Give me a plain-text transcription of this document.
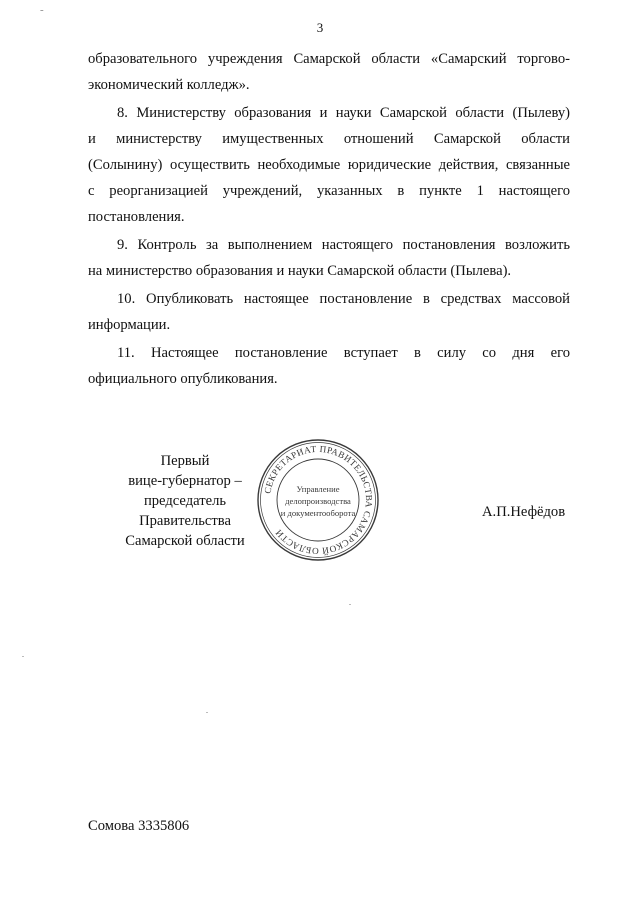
-
3

образовательного учреждения Самарской области «Самарский торгово-
экономический колледж».

8. Министерству образования и науки Самарской области (Пылеву)
и министерству имущественных отношений Самарской области
(Солынину) осуществить необходимые юридические действия, связанные
с реорганизацией учреждений, указанных в пункте 1 настоящего
постановления.

9. Контроль за выполнением настоящего постановления возложить
на министерство образования и науки Самарской области (Пылева).

10. Опубликовать настоящее постановление в средствах массовой
информации.

11. Настоящее постановление вступает в силу со дня его
официального опубликования.

Первый
вице-губернатор –
председатель Правительства
Самарской области
СЕКРЕТАРИАТ ПРАВИТЕЛЬСТВА САМАРСКОЙ ОБЛАСТИ
Управление
делопроизводства
и документооборота	А.П.Нефёдов
Сомова 3335806
